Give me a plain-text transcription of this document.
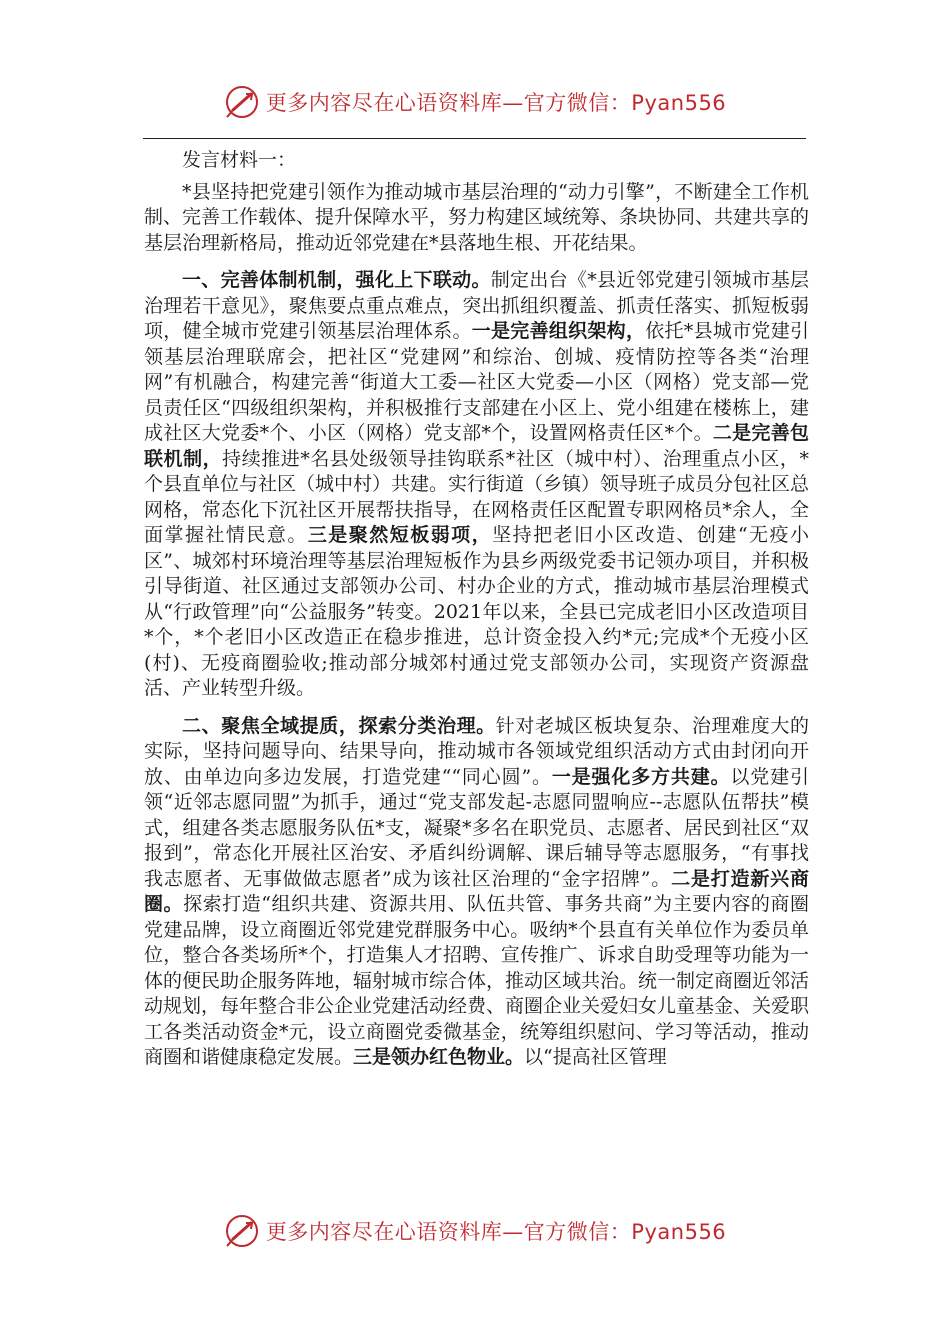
更多内容尽在心语资料库—官方微信：Pyan556

发言材料一：

*县坚持把党建引领作为推动城市基层治理的“动力引擎”，不断建全工作机制、完善工作载体、提升保障水平，努力构建区域统筹、条块协同、共建共享的基层治理新格局，推动近邻党建在*县落地生根、开花结果。

一、完善体制机制，强化上下联动。制定出台《*县近邻党建引领城市基层治理若干意见》，聚焦要点重点难点，突出抓组织覆盖、抓责任落实、抓短板弱项，健全城市党建引领基层治理体系。一是完善组织架构，依托*县城市党建引领基层治理联席会，把社区“党建网”和综治、创城、疫情防控等各类“治理网”有机融合，构建完善“街道大工委—社区大党委—小区（网格）党支部—党员责任区“四级组织架构，并积极推行支部建在小区上、党小组建在楼栋上，建成社区大党委*个、小区（网格）党支部*个，设置网格责任区*个。二是完善包联机制，持续推进*名县处级领导挂钩联系*社区（城中村）、治理重点小区，*个县直单位与社区（城中村）共建。实行街道（乡镇）领导班子成员分包社区总网格，常态化下沉社区开展帮扶指导，在网格责任区配置专职网格员*余人，全面掌握社情民意。三是聚然短板弱项，坚持把老旧小区改造、创建“无疫小区”、城郊村环境治理等基层治理短板作为县乡两级党委书记领办项目，并积极引导街道、社区通过支部领办公司、村办企业的方式，推动城市基层治理模式从“行政管理”向“公益服务”转变。2021年以来，全县已完成老旧小区改造项目*个，*个老旧小区改造正在稳步推进，总计资金投入约*元;完成*个无疫小区(村)、无疫商圈验收;推动部分城郊村通过党支部领办公司，实现资产资源盘活、产业转型升级。

二、聚焦全域提质，探索分类治理。针对老城区板块复杂、治理难度大的实际，坚持问题导向、结果导向，推动城市各领域党组织活动方式由封闭向开放、由单边向多边发展，打造党建““同心圆”。一是强化多方共建。以党建引领“近邻志愿同盟”为抓手，通过“党支部发起-志愿同盟响应--志愿队伍帮扶”模式，组建各类志愿服务队伍*支，凝聚*多名在职党员、志愿者、居民到社区“双报到”，常态化开展社区治安、矛盾纠纷调解、课后辅导等志愿服务，“有事找我志愿者、无事做做志愿者”成为该社区治理的“金字招牌”。二是打造新兴商圈。探索打造“组织共建、资源共用、队伍共管、事务共商”为主要内容的商圈党建品牌，设立商圈近邻党建党群服务中心。吸纳*个县直有关单位作为委员单位，整合各类场所*个，打造集人才招聘、宣传推广、诉求自助受理等功能为一体的便民助企服务阵地，辐射城市综合体，推动区域共治。统一制定商圈近邻活动规划，每年整合非公企业党建活动经费、商圈企业关爱妇女儿童基金、关爱职工各类活动资金*元，设立商圈党委微基金，统筹组织慰问、学习等活动，推动商圈和谐健康稳定发展。三是领办红色物业。以“提高社区管理

更多内容尽在心语资料库—官方微信：Pyan556
